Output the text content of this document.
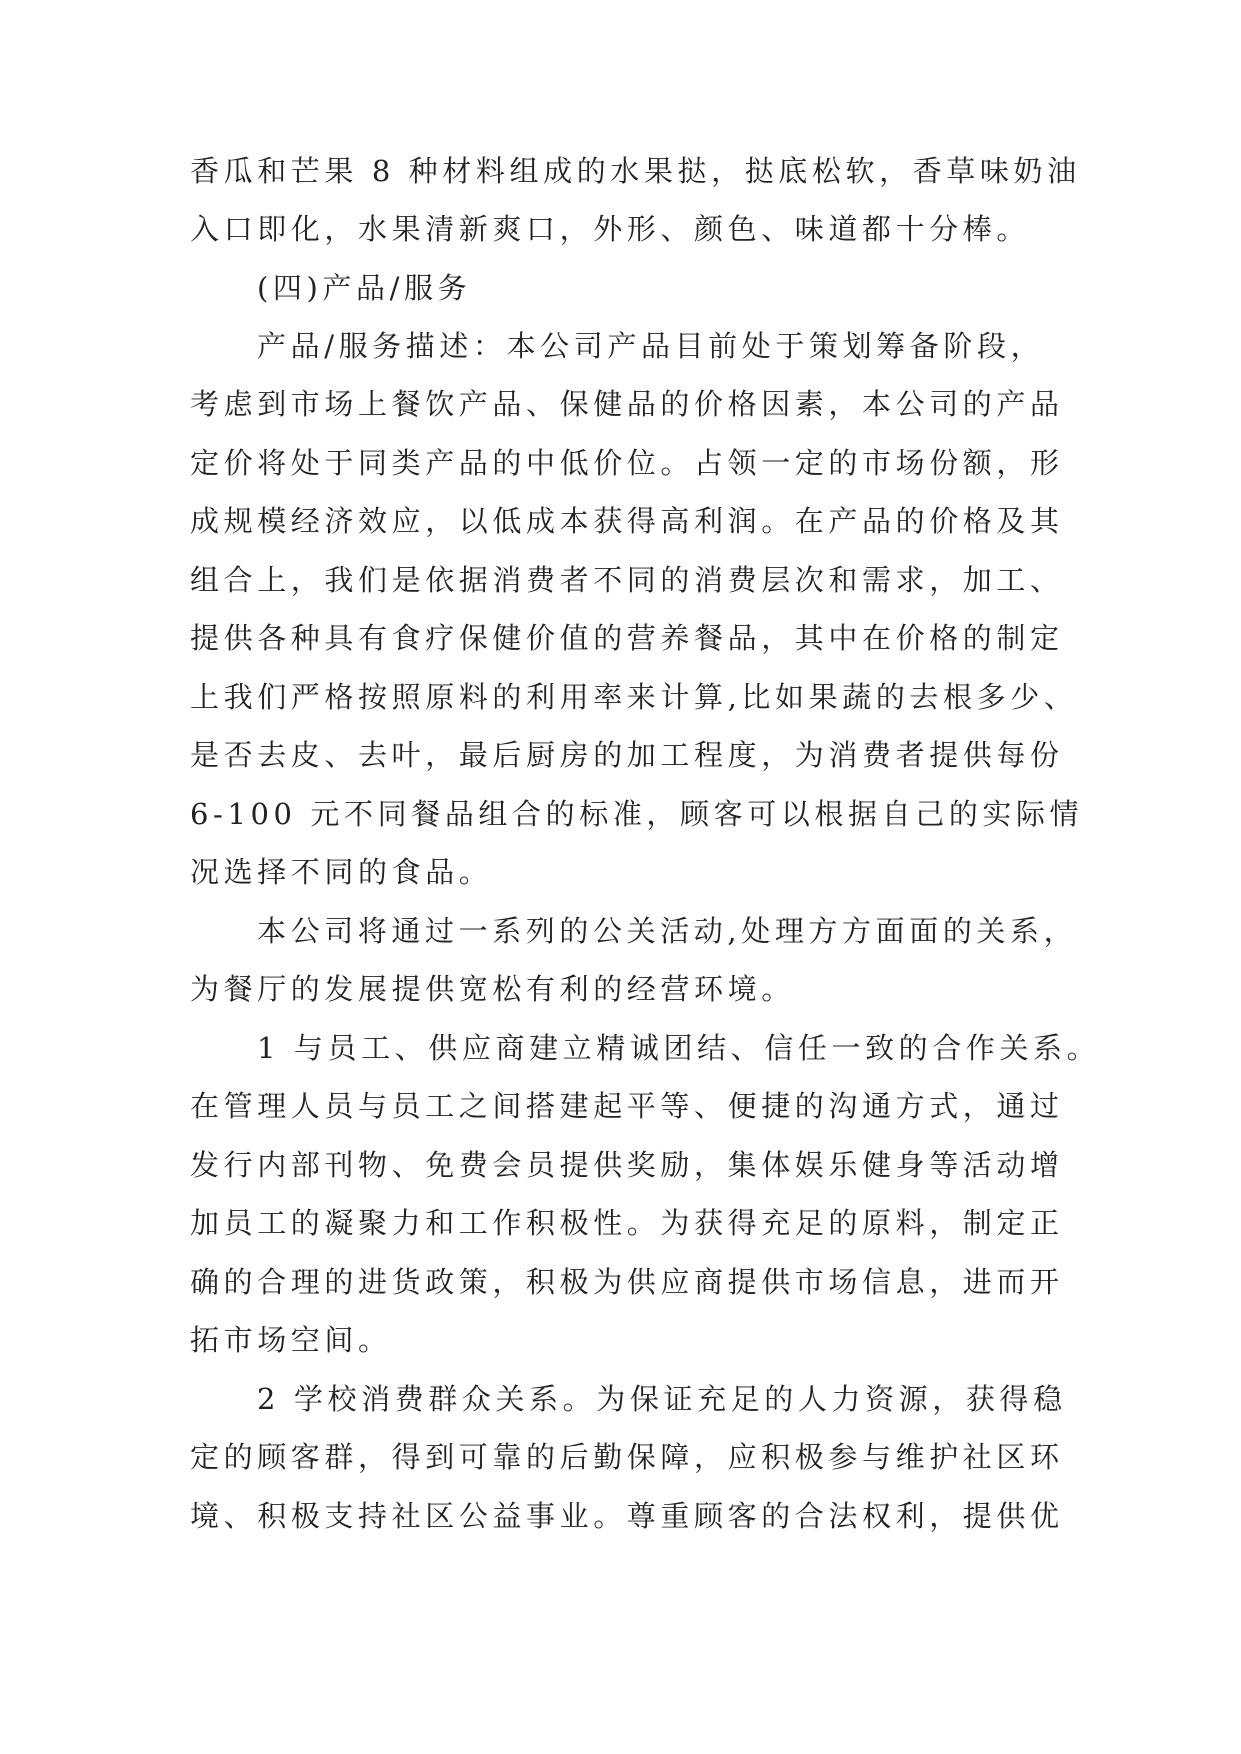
香瓜和芒果 8 种材料组成的水果挞，挞底松软，香草味奶油

入口即化，水果清新爽口，外形、颜色、味道都十分棒。

(四)产品/服务

产品/服务描述：本公司产品目前处于策划筹备阶段，

考虑到市场上餐饮产品、保健品的价格因素，本公司的产品

定价将处于同类产品的中低价位。占领一定的市场份额，形

成规模经济效应，以低成本获得高利润。在产品的价格及其

组合上，我们是依据消费者不同的消费层次和需求，加工、

提供各种具有食疗保健价值的营养餐品，其中在价格的制定

上我们严格按照原料的利用率来计算,比如果蔬的去根多少、

是否去皮、去叶，最后厨房的加工程度，为消费者提供每份

6-100 元不同餐品组合的标准，顾客可以根据自己的实际情

况选择不同的食品。

本公司将通过一系列的公关活动,处理方方面面的关系，

为餐厅的发展提供宽松有利的经营环境。

1 与员工、供应商建立精诚团结、信任一致的合作关系。

在管理人员与员工之间搭建起平等、便捷的沟通方式，通过

发行内部刊物、免费会员提供奖励，集体娱乐健身等活动增

加员工的凝聚力和工作积极性。为获得充足的原料，制定正

确的合理的进货政策，积极为供应商提供市场信息，进而开

拓市场空间。

2 学校消费群众关系。为保证充足的人力资源，获得稳

定的顾客群，得到可靠的后勤保障，应积极参与维护社区环

境、积极支持社区公益事业。尊重顾客的合法权利，提供优
